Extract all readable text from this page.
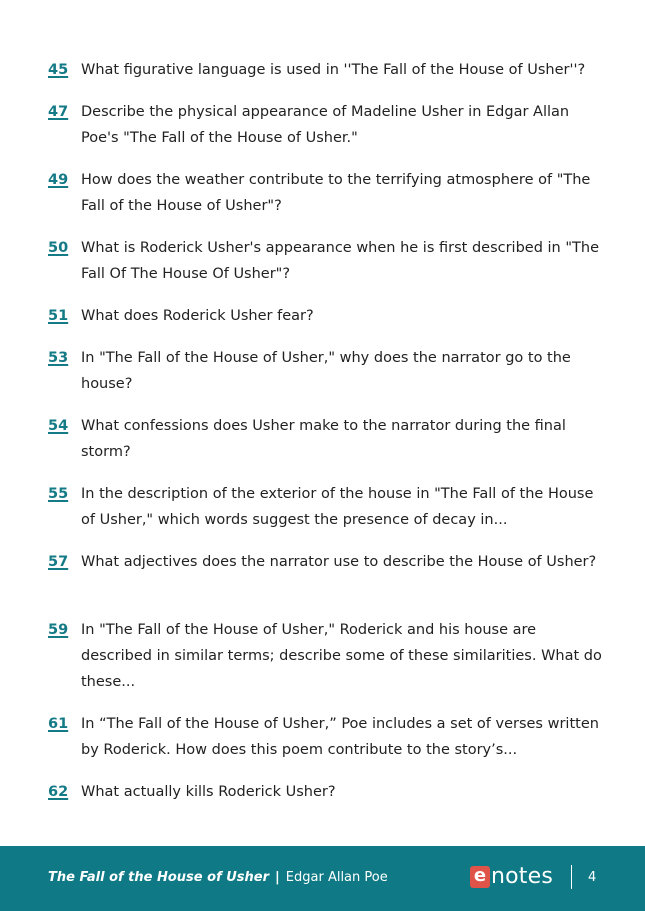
45 What figurative language is used in ''The Fall of the House of Usher''?
47 Describe the physical appearance of Madeline Usher in Edgar Allan Poe's "The Fall of the House of Usher."
49 How does the weather contribute to the terrifying atmosphere of "The Fall of the House of Usher"?
50 What is Roderick Usher's appearance when he is first described in "The Fall Of The House Of Usher"?
51 What does Roderick Usher fear?
53 In "The Fall of the House of Usher," why does the narrator go to the house?
54 What confessions does Usher make to the narrator during the final storm?
55 In the description of the exterior of the house in "The Fall of the House of Usher," which words suggest the presence of decay in...
57 What adjectives does the narrator use to describe the House of Usher?
59 In "The Fall of the House of Usher," Roderick and his house are described in similar terms; describe some of these similarities. What do these...
61 In “The Fall of the House of Usher,” Poe includes a set of verses written by Roderick. How does this poem contribute to the story’s...
62 What actually kills Roderick Usher?
The Fall of the House of Usher | Edgar Allan Poe	e notes	4
